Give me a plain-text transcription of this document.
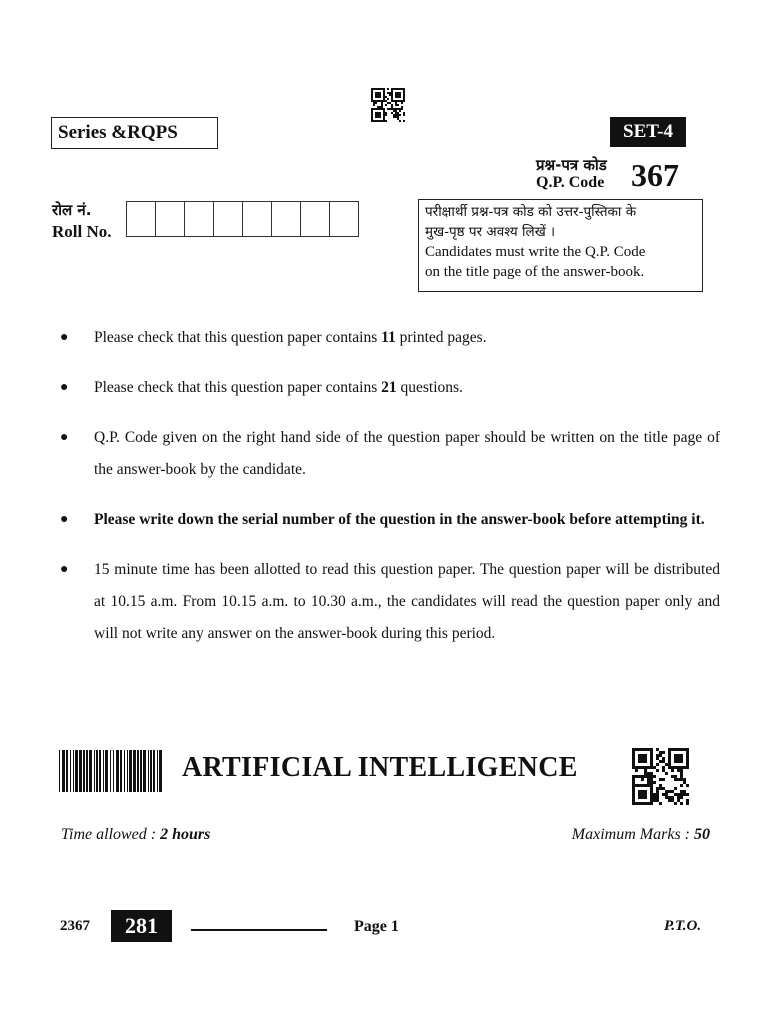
Series &RQPS	SET-4
प्रश्न-पत्र कोड
Q.P. Code 367
रोल नं.
Roll No.
परीक्षार्थी प्रश्न-पत्र कोड को उत्तर-पुस्तिका के
मुख-पृष्ठ पर अवश्य लिखें ।
Candidates must write the Q.P. Code
on the title page of the answer-book.
● Please check that this question paper contains 11 printed pages.
● Please check that this question paper contains 21 questions.
● Q.P. Code given on the right hand side of the question paper should be written on the title page of the answer-book by the candidate.
● Please write down the serial number of the question in the answer-book before attempting it.
● 15 minute time has been allotted to read this question paper. The question paper will be distributed at 10.15 a.m. From 10.15 a.m. to 10.30 a.m., the candidates will read the question paper only and will not write any answer on the answer-book during this period.
ARTIFICIAL INTELLIGENCE
Time allowed : 2 hours	Maximum Marks : 50
2367	281	Page 1	P.T.O.
